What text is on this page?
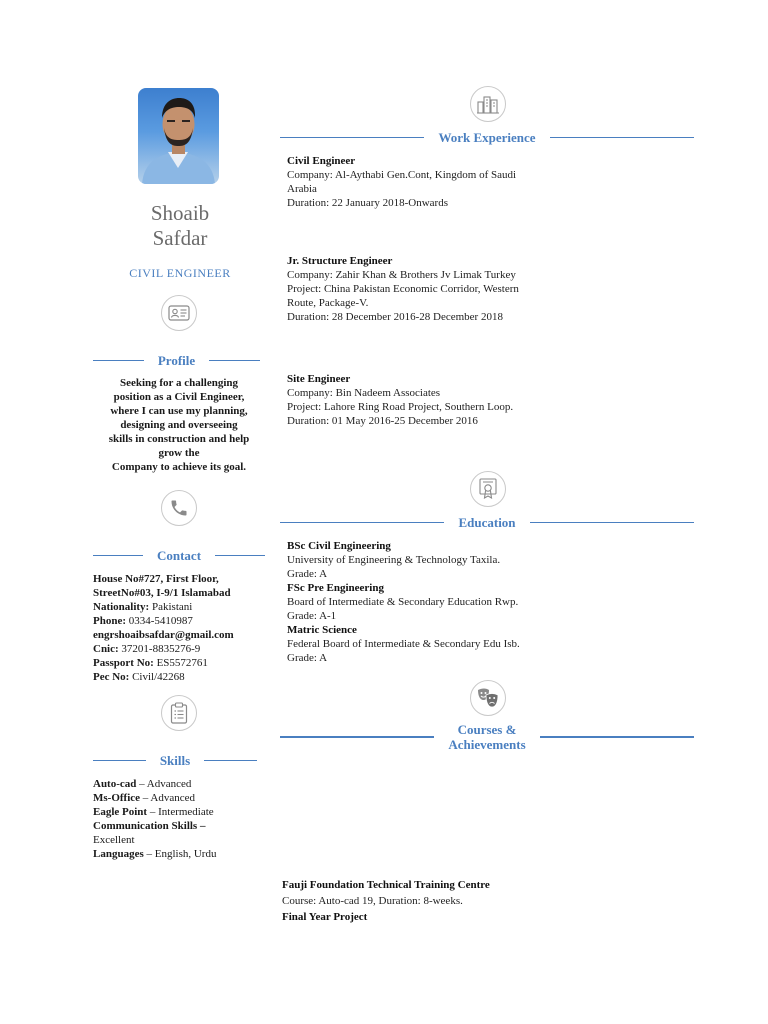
Shoaib
Safdar
CIVIL ENGINEER
Profile
Seeking for a challenging
position as a Civil Engineer,
where I can use my planning,
designing and overseeing
skills in construction and help
grow the
Company to achieve its goal.
Contact
House No#727, First Floor,
StreetNo#03, I-9/1 Islamabad
Nationality: Pakistani
Phone: 0334-5410987
engrshoaibsafdar@gmail.com
Cnic: 37201-8835276-9
Passport No: ES5572761
Pec No: Civil/42268
Skills
Auto-cad – Advanced
Ms-Office – Advanced
Eagle Point – Intermediate
Communication Skills –
Excellent
Languages – English, Urdu
Work Experience
Civil Engineer
Company: Al-Aythabi Gen.Cont, Kingdom of Saudi
Arabia
Duration: 22 January 2018-Onwards
Jr. Structure Engineer
Company: Zahir Khan & Brothers Jv Limak Turkey
Project: China Pakistan Economic Corridor, Western
Route, Package-V.
Duration: 28 December 2016-28 December 2018
Site Engineer
Company: Bin Nadeem Associates
Project: Lahore Ring Road Project, Southern Loop.
Duration: 01 May 2016-25 December 2016
Education
BSc Civil Engineering
University of Engineering & Technology Taxila.
Grade: A
FSc Pre Engineering
Board of Intermediate & Secondary Education Rwp.
Grade: A-1
Matric Science
Federal Board of Intermediate & Secondary Edu Isb.
Grade: A
Courses &
Achievements
Fauji Foundation Technical Training Centre
Course: Auto-cad 19, Duration: 8-weeks.
Final Year Project
